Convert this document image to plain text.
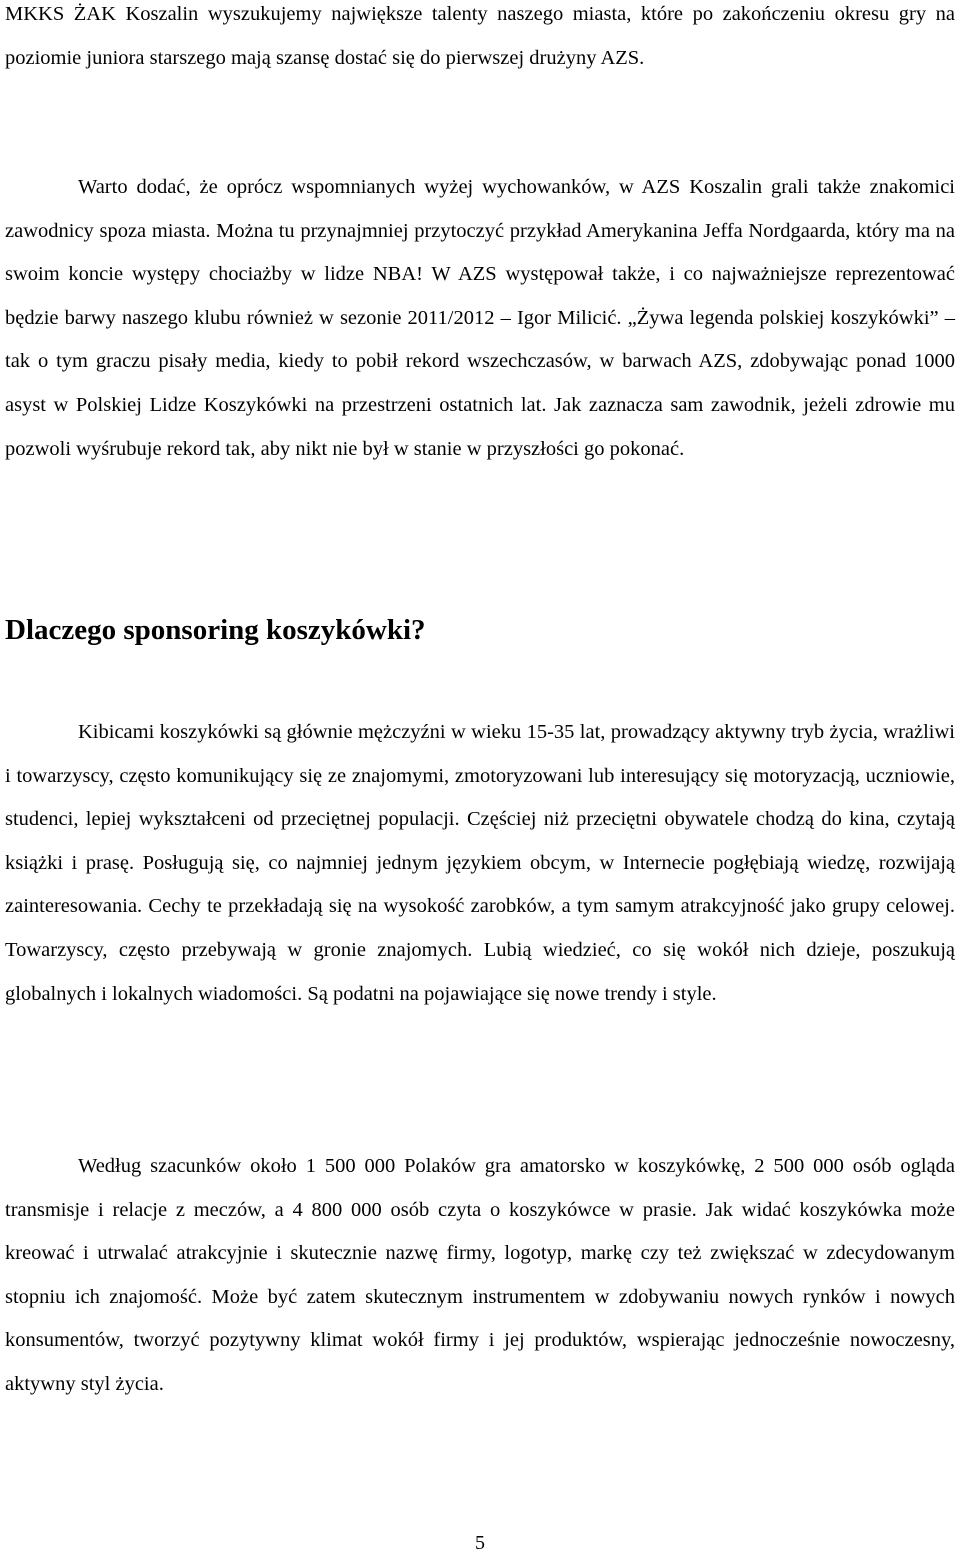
MKKS ŻAK Koszalin wyszukujemy największe talenty naszego miasta, które po zakończeniu okresu gry na poziomie juniora starszego mają szansę dostać się do pierwszej drużyny AZS.

Warto dodać, że oprócz wspomnianych wyżej wychowanków, w AZS Koszalin grali także znakomici zawodnicy spoza miasta. Można tu przynajmniej przytoczyć przykład Amerykanina Jeffa Nordgaarda, który ma na swoim koncie występy chociażby w lidze NBA! W AZS występował także, i co najważniejsze reprezentować będzie barwy naszego klubu również w sezonie 2011/2012 – Igor Milicić. „Żywa legenda polskiej koszykówki” – tak o tym graczu pisały media, kiedy to pobił rekord wszechczasów, w barwach AZS, zdobywając ponad 1000 asyst w Polskiej Lidze Koszykówki na przestrzeni ostatnich lat. Jak zaznacza sam zawodnik, jeżeli zdrowie mu pozwoli wyśrubuje rekord tak, aby nikt nie był w stanie w przyszłości go pokonać.

Dlaczego sponsoring koszykówki?

Kibicami koszykówki są głównie mężczyźni w wieku 15-35 lat, prowadzący aktywny tryb życia, wrażliwi i towarzyscy, często komunikujący się ze znajomymi, zmotoryzowani lub interesujący się motoryzacją, uczniowie, studenci, lepiej wykształceni od przeciętnej populacji. Częściej niż przeciętni obywatele chodzą do kina, czytają książki i prasę. Posługują się, co najmniej jednym językiem obcym, w Internecie pogłębiają wiedzę, rozwijają zainteresowania. Cechy te przekładają się na wysokość zarobków, a tym samym atrakcyjność jako grupy celowej. Towarzyscy, często przebywają w gronie znajomych. Lubią wiedzieć, co się wokół nich dzieje, poszukują globalnych i lokalnych wiadomości. Są podatni na pojawiające się nowe trendy i style.

Według szacunków około 1 500 000 Polaków gra amatorsko w koszykówkę, 2 500 000 osób ogląda transmisje i relacje z meczów, a 4 800 000 osób czyta o koszykówce w prasie. Jak widać koszykówka może kreować i utrwalać atrakcyjnie i skutecznie nazwę firmy, logotyp, markę czy też zwiększać w zdecydowanym stopniu ich znajomość. Może być zatem skutecznym instrumentem w zdobywaniu nowych rynków i nowych konsumentów, tworzyć pozytywny klimat wokół firmy i jej produktów, wspierając jednocześnie nowoczesny, aktywny styl życia.

5
